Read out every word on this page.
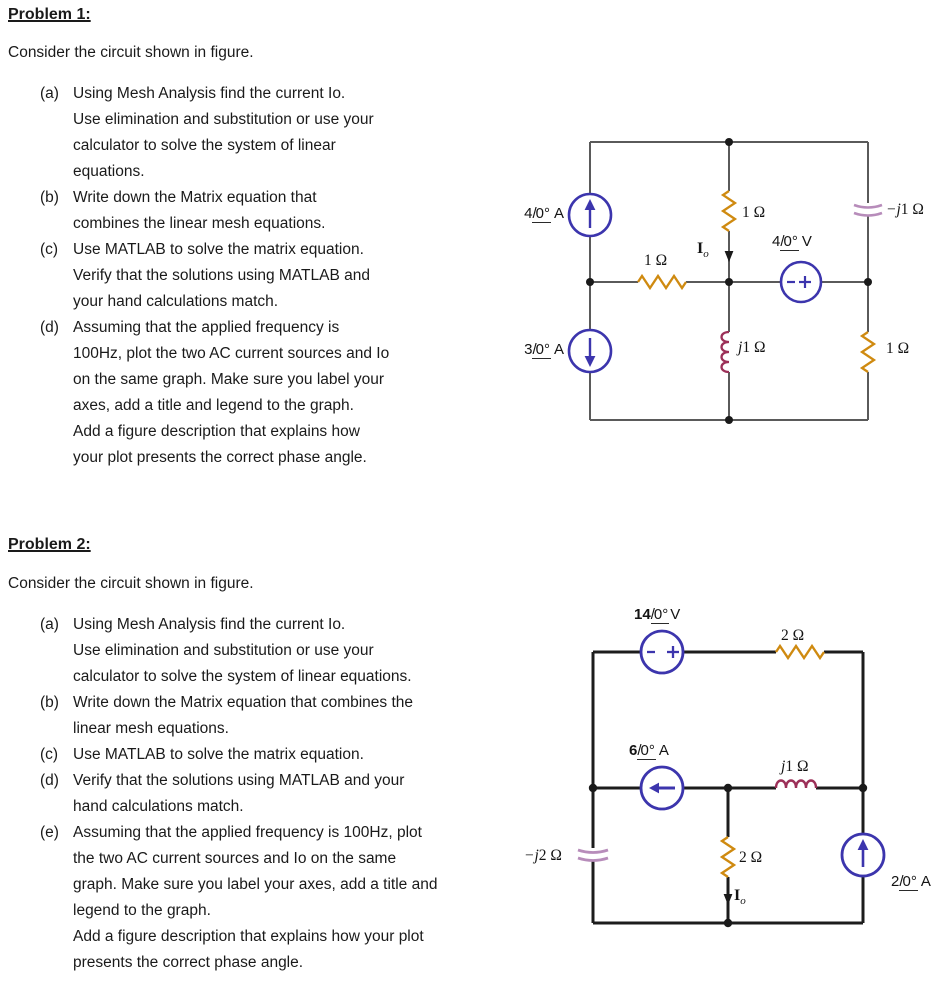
Problem 1:
Consider the circuit shown in figure.
(a) Using Mesh Analysis find the current Io.
Use elimination and substitution or use your
calculator to solve the system of linear
equations.
(b) Write down the Matrix equation that
combines the linear mesh equations.
(c) Use MATLAB to solve the matrix equation.
Verify that the solutions using MATLAB and
your hand calculations match.
(d) Assuming that the applied frequency is
100Hz, plot the two AC current sources and Io
on the same graph. Make sure you label your
axes, add a title and legend to the graph.
Add a figure description that explains how
your plot presents the correct phase angle.
4/0° A
3/0° A
4/0° V
1 Ω	−j1 Ω
1 Ω
j1 Ω	1 Ω
$I_o$
Problem 2:
Consider the circuit shown in figure.
(a) Using Mesh Analysis find the current Io.
Use elimination and substitution or use your
calculator to solve the system of linear equations.
(b) Write down the Matrix equation that combines the
linear mesh equations.
(c) Use MATLAB to solve the matrix equation.
(d) Verify that the solutions using MATLAB and your
hand calculations match.
(e) Assuming that the applied frequency is 100Hz, plot
the two AC current sources and Io on the same
graph. Make sure you label your axes, add a title and
legend to the graph.
Add a figure description that explains how your plot
presents the correct phase angle.
14/0° V
2 Ω
6/0° A
j1 Ω
−j2 Ω	2 Ω
$I_o$
2/0° A
